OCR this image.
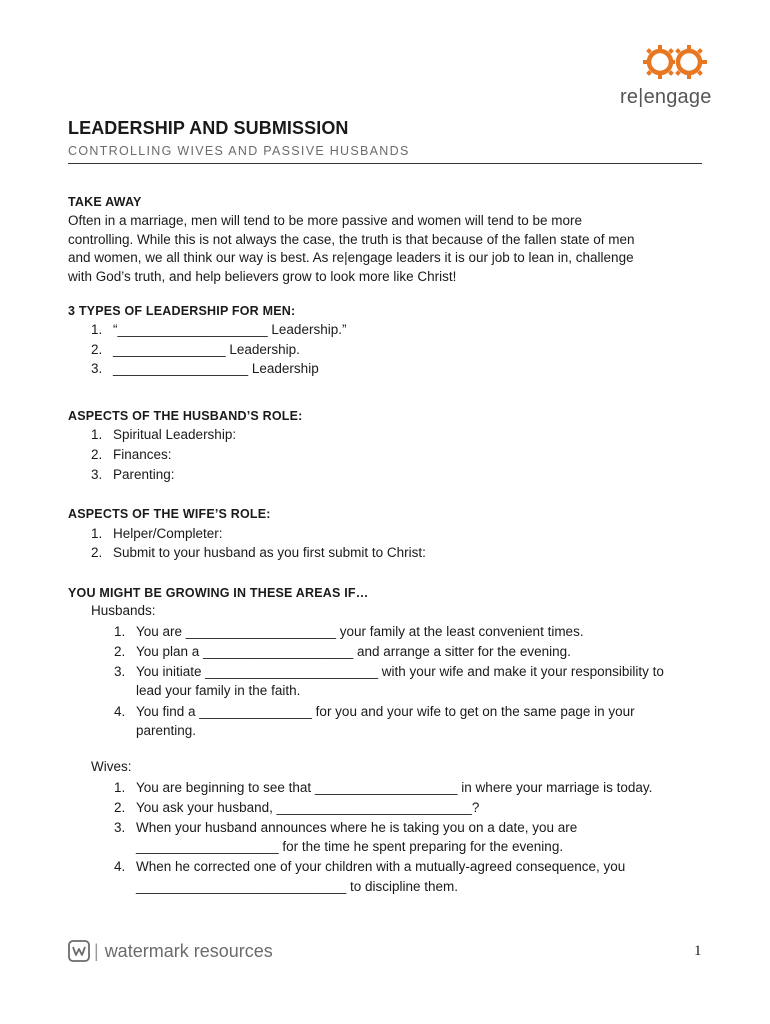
re|engage
LEADERSHIP AND SUBMISSION
CONTROLLING WIVES AND PASSIVE HUSBANDS
TAKE AWAY
Often in a marriage, men will tend to be more passive and women will tend to be more
controlling. While this is not always the case, the truth is that because of the fallen state of men
and women, we all think our way is best. As re|engage leaders it is our job to lean in, challenge
with God’s truth, and help believers grow to look more like Christ!
3 TYPES OF LEADERSHIP FOR MEN:
1. “____________________ Leadership.”
2. _______________ Leadership.
3. __________________ Leadership
ASPECTS OF THE HUSBAND’S ROLE:
1. Spiritual Leadership:
2. Finances:
3. Parenting:
ASPECTS OF THE WIFE’S ROLE:
1. Helper/Completer:
2. Submit to your husband as you first submit to Christ:
YOU MIGHT BE GROWING IN THESE AREAS IF…
Husbands:
1. You are ____________________ your family at the least convenient times.
2. You plan a ____________________ and arrange a sitter for the evening.
3. You initiate _______________________ with your wife and make it your responsibility to
lead your family in the faith.
4. You find a _______________ for you and your wife to get on the same page in your
parenting.
Wives:
1. You are beginning to see that ___________________ in where your marriage is today.
2. You ask your husband, __________________________?
3. When your husband announces where he is taking you on a date, you are
___________________ for the time he spent preparing for the evening.
4. When he corrected one of your children with a mutually-agreed consequence, you
____________________________ to discipline them.
| watermark resources	1
